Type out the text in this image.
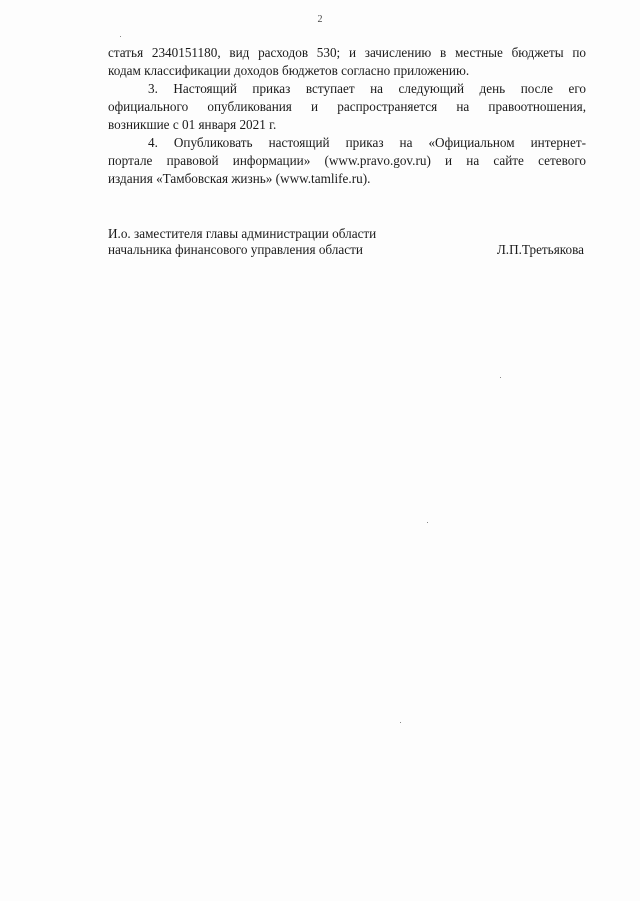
2

статья 2340151180, вид расходов 530; и зачислению в местные бюджеты по
кодам классификации доходов бюджетов согласно приложению.

3. Настоящий приказ вступает на следующий день после его
официального опубликования и распространяется на правоотношения,
возникшие с 01 января 2021 г.

4. Опубликовать настоящий приказ на «Официальном интернет-
портале правовой информации» (www.pravo.gov.ru) и на сайте сетевого
издания «Тамбовская жизнь» (www.tamlife.ru).

И.о. заместителя главы администрации области
начальника финансового управления области	Л.П.Третьякова
